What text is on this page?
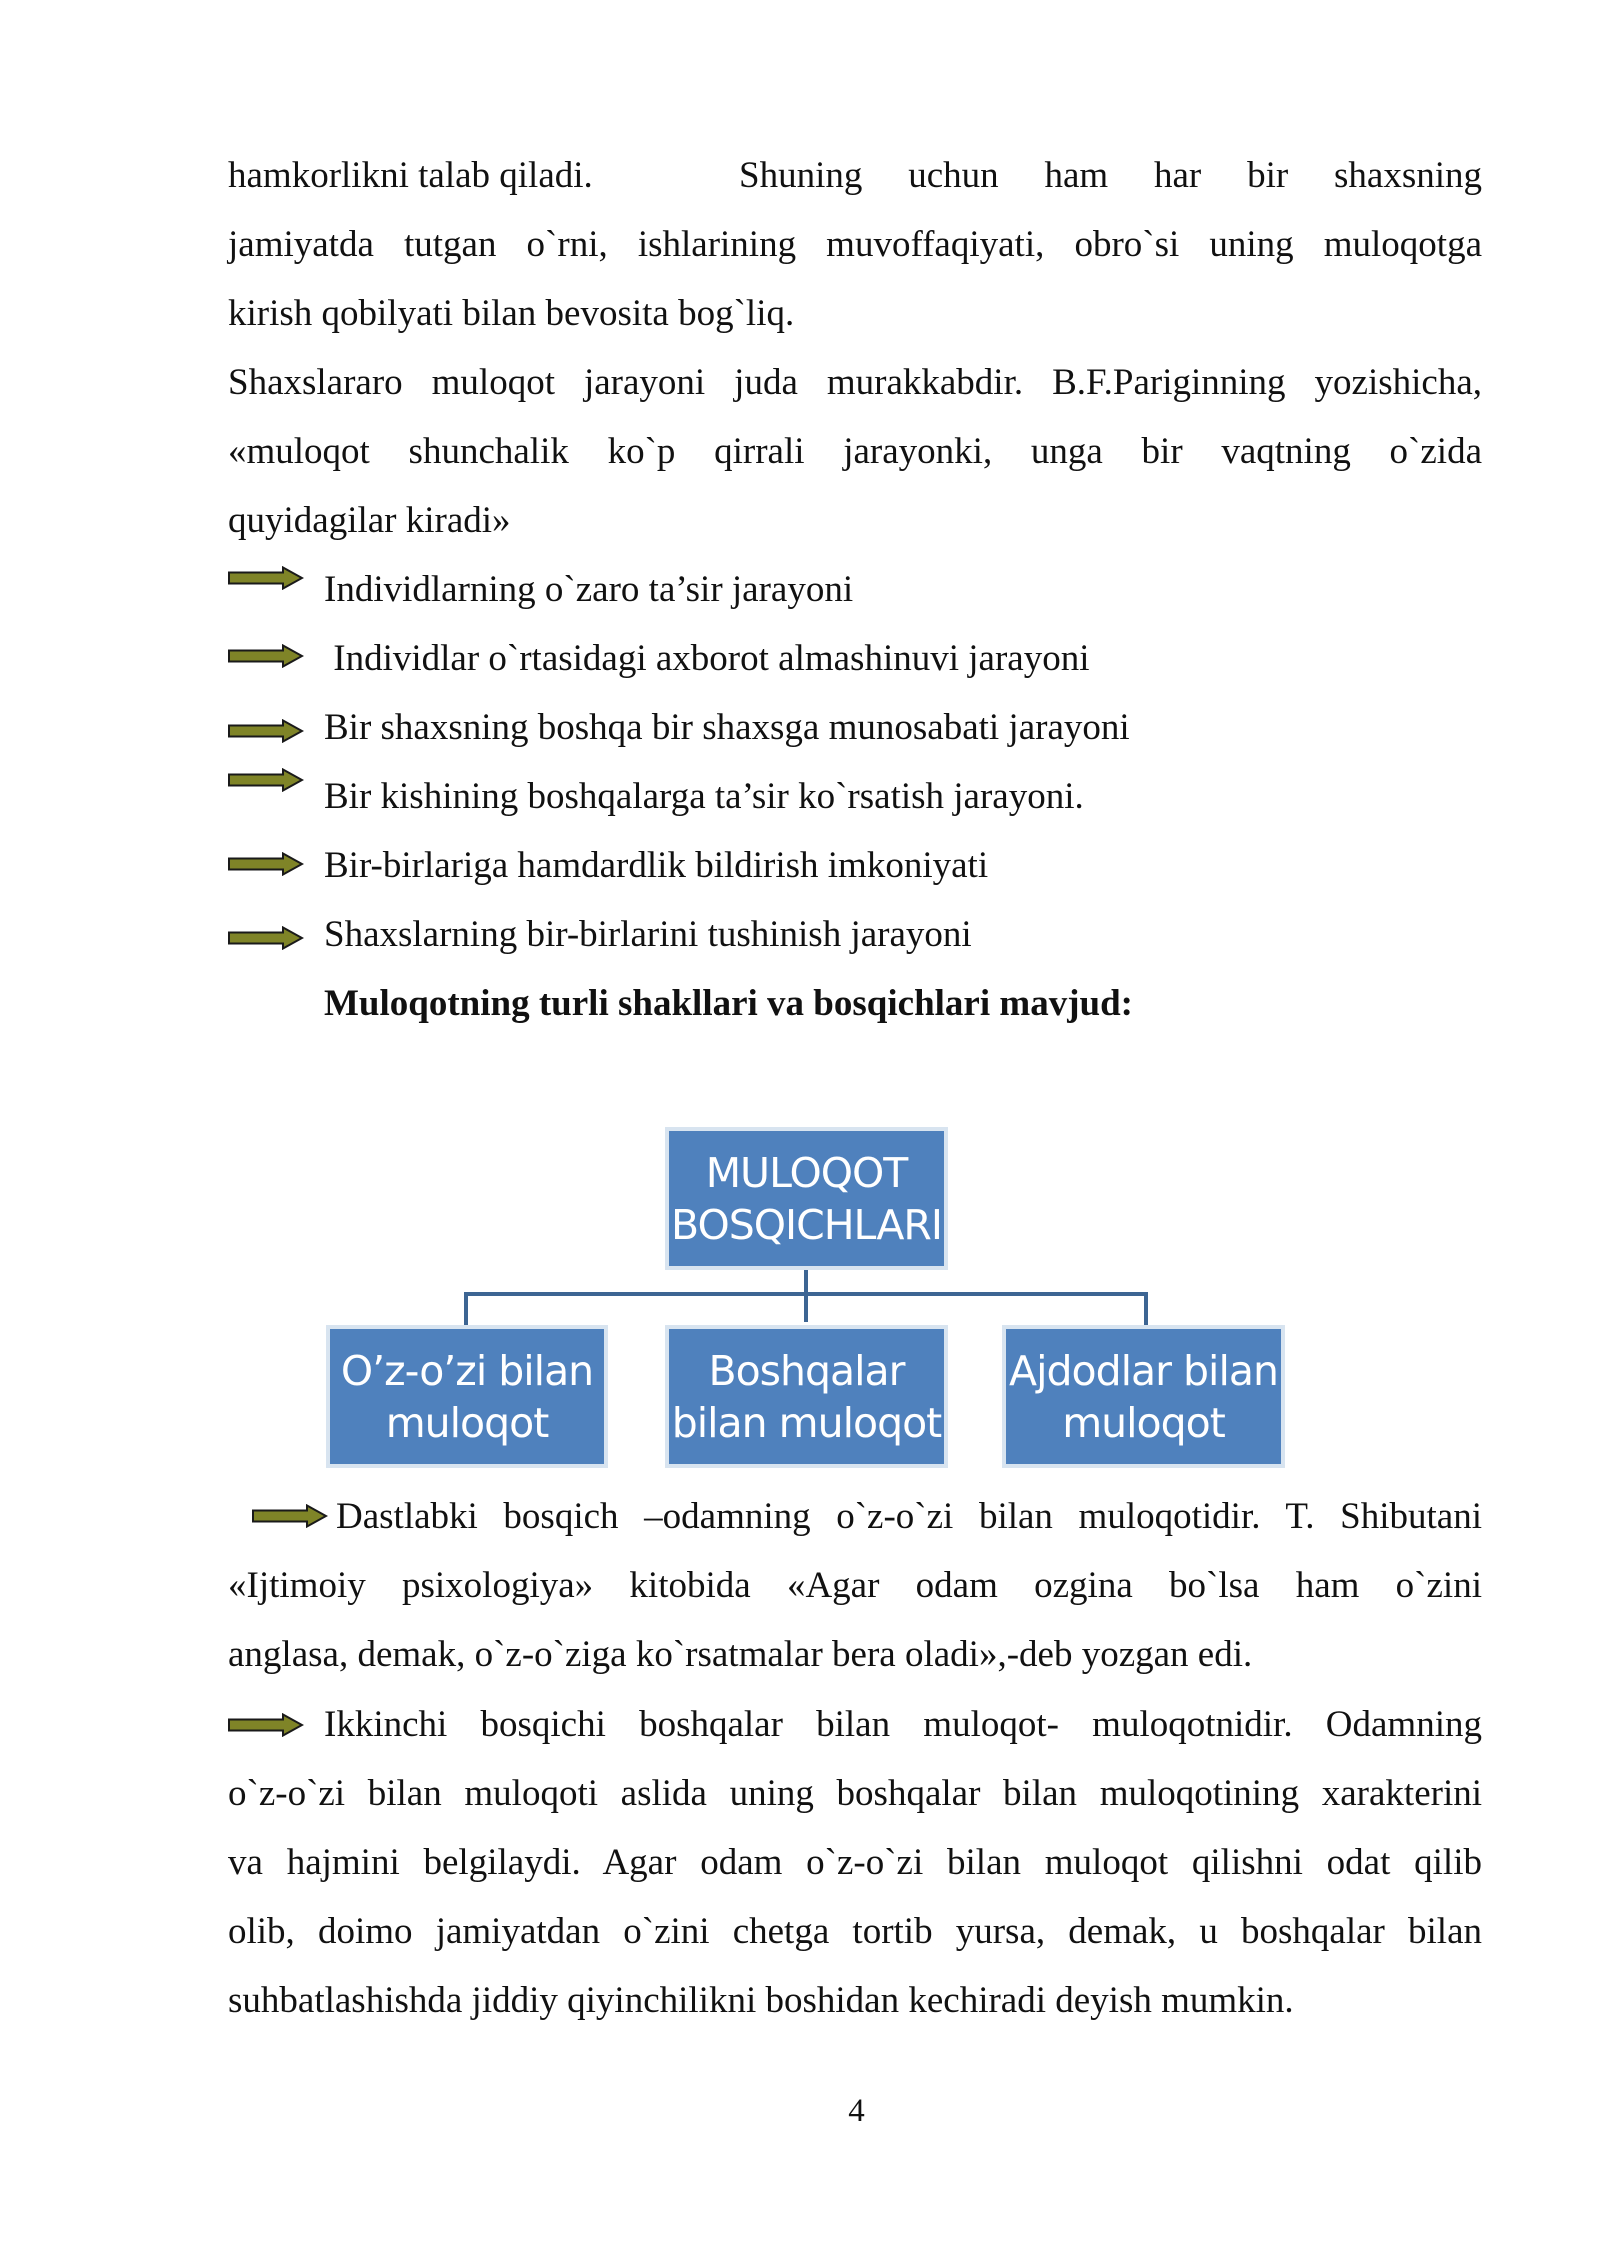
hamkorlikni talab qiladi.	Shuning uchun ham har bir shaxsning
jamiyatda tutgan o`rni, ishlarining muvoffaqiyati, obro`si uning muloqotga
kirish qobilyati bilan bevosita bog`liq.
Shaxslararo muloqot jarayoni juda murakkabdir. B.F.Pariginning yozishicha,
«muloqot shunchalik ko`p qirrali jarayonki, unga bir vaqtning o`zida
quyidagilar kiradi»
Individlarning o`zaro ta’sir jarayoni
Individlar o`rtasidagi axborot almashinuvi jarayoni
Bir shaxsning boshqa bir shaxsga munosabati jarayoni
Bir kishining boshqalarga ta’sir ko`rsatish jarayoni.
Bir-birlariga hamdardlik bildirish imkoniyati
Shaxslarning bir-birlarini tushinish jarayoni
Muloqotning turli shakllari va bosqichlari mavjud:
MULOQOT
BOSQICHLARI
O’z-o’zi bilan
muloqot
Boshqalar
bilan muloqot
Ajdodlar bilan
muloqot
Dastlabki bosqich –odamning o`z-o`zi bilan muloqotidir. T. Shibutani
«Ijtimoiy psixologiya» kitobida «Agar odam ozgina bo`lsa ham o`zini
anglasa, demak, o`z-o`ziga ko`rsatmalar bera oladi»,-deb yozgan edi.
Ikkinchi bosqichi boshqalar bilan muloqot- muloqotnidir. Odamning
o`z-o`zi bilan muloqoti aslida uning boshqalar bilan muloqotining xarakterini
va hajmini belgilaydi. Agar odam o`z-o`zi bilan muloqot qilishni odat qilib
olib, doimo jamiyatdan o`zini chetga tortib yursa, demak, u boshqalar bilan
suhbatlashishda jiddiy qiyinchilikni boshidan kechiradi deyish mumkin.
4
